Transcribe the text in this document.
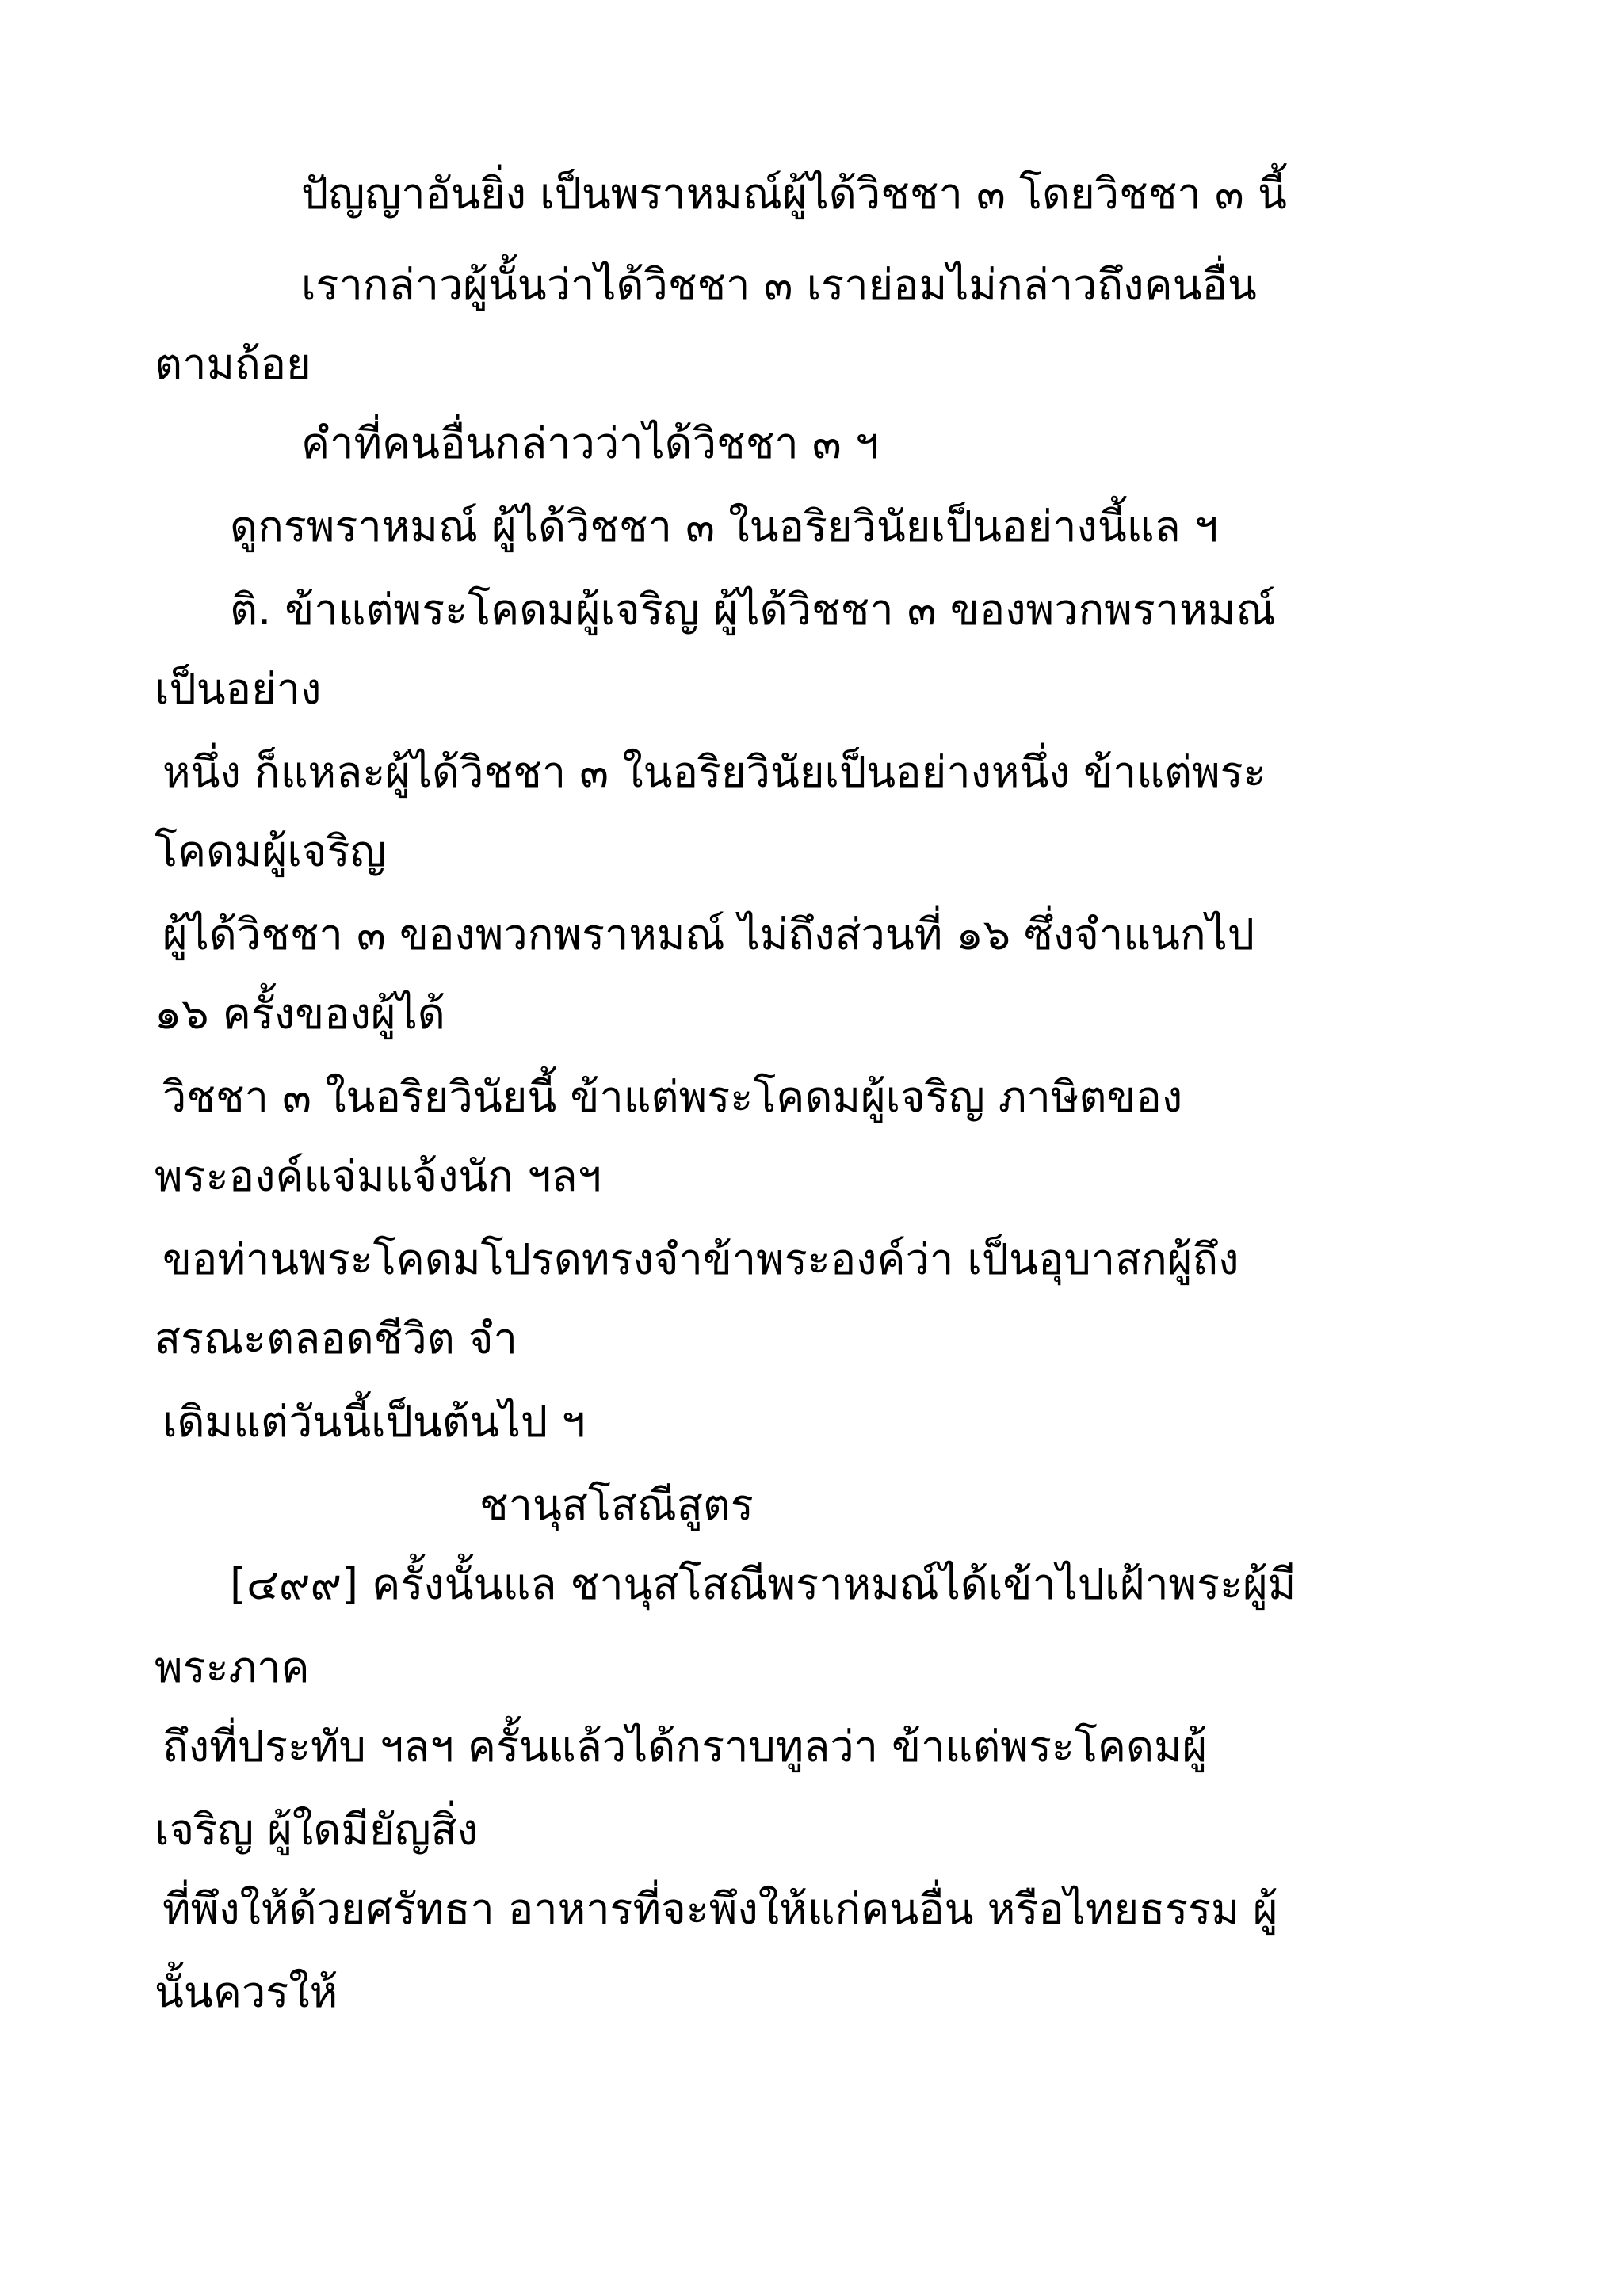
ปัญญาอันยิ่ง เป็นพราหมณ์ผู้ได้วิชชา ๓ โดยวิชชา ๓ นี้
เรากล่าวผู้นั้นว่าได้วิชชา ๓ เราย่อมไม่กล่าวถึงคนอื่น
ตามถ้อย
คำที่คนอื่นกล่าวว่าได้วิชชา ๓ ฯ
ดูกรพราหมณ์ ผู้ได้วิชชา ๓ ในอริยวินัยเป็นอย่างนี้แล ฯ
ติ. ข้าแต่พระโคดมผู้เจริญ ผู้ได้วิชชา ๓ ของพวกพราหมณ์
เป็นอย่าง
หนึ่ง ก็แหละผู้ได้วิชชา ๓ ในอริยวินัยเป็นอย่างหนึ่ง ข้าแต่พระ
โคดมผู้เจริญ
ผู้ได้วิชชา ๓ ของพวกพราหมณ์ ไม่ถึงส่วนที่ ๑๖ ซึ่งจำแนกไป
๑๖ ครั้งของผู้ได้
วิชชา ๓ ในอริยวินัยนี้ ข้าแต่พระโคดมผู้เจริญ ภาษิตของ
พระองค์แจ่มแจ้งนัก ฯลฯ
ขอท่านพระโคดมโปรดทรงจำข้าพระองค์ว่า เป็นอุบาสกผู้ถึง
สรณะตลอดชีวิต จำ
เดิมแต่วันนี้เป็นต้นไป ฯ
ชานุสโสณีสูตร
[๔๙๙] ครั้งนั้นแล ชานุสโสณีพราหมณ์ได้เข้าไปเฝ้าพระผู้มี
พระภาค
ถึงที่ประทับ ฯลฯ ครั้นแล้วได้กราบทูลว่า ข้าแต่พระโคดมผู้
เจริญ ผู้ใดมียัญสิ่ง
ที่พึงให้ด้วยศรัทธา อาหารที่จะพึงให้แก่คนอื่น หรือไทยธรรม ผู้
นั้นควรให้
